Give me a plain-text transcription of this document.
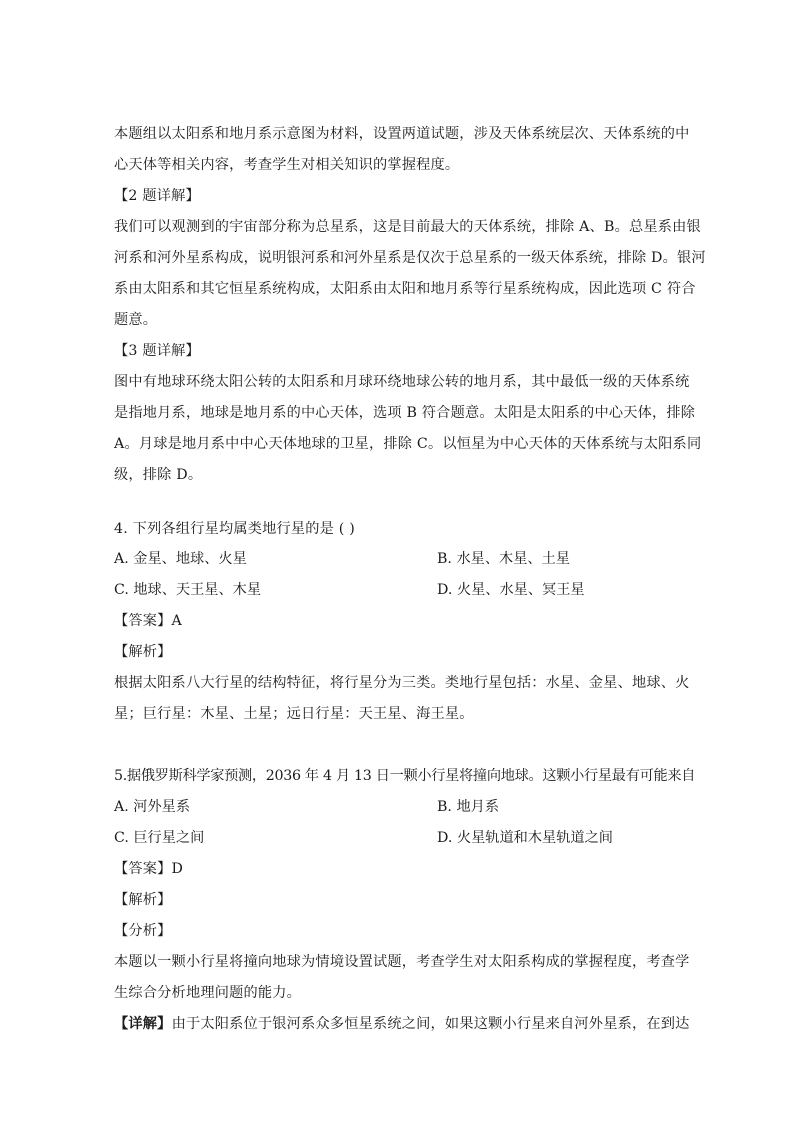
本题组以太阳系和地月系示意图为材料，设置两道试题，涉及天体系统层次、天体系统的中
心天体等相关内容，考查学生对相关知识的掌握程度。
【2 题详解】
我们可以观测到的宇宙部分称为总星系，这是目前最大的天体系统，排除 A、B。总星系由银
河系和河外星系构成，说明银河系和河外星系是仅次于总星系的一级天体系统，排除 D。银河
系由太阳系和其它恒星系统构成，太阳系由太阳和地月系等行星系统构成，因此选项 C 符合
题意。
【3 题详解】
图中有地球环绕太阳公转的太阳系和月球环绕地球公转的地月系，其中最低一级的天体系统
是指地月系，地球是地月系的中心天体，选项 B 符合题意。太阳是太阳系的中心天体，排除
A。月球是地月系中中心天体地球的卫星，排除 C。以恒星为中心天体的天体系统与太阳系同
级，排除 D。
4. 下列各组行星均属类地行星的是 ( )
A. 金星、地球、火星	B. 水星、木星、土星
C. 地球、天王星、木星	D. 火星、水星、冥王星
【答案】A
【解析】
根据太阳系八大行星的结构特征，将行星分为三类。类地行星包括：水星、金星、地球、火
星；巨行星：木星、土星；远日行星：天王星、海王星。
5.据俄罗斯科学家预测，2036 年 4 月 13 日一颗小行星将撞向地球。这颗小行星最有可能来自
A. 河外星系	B. 地月系
C. 巨行星之间	D. 火星轨道和木星轨道之间
【答案】D
【解析】
【分析】
本题以一颗小行星将撞向地球为情境设置试题，考查学生对太阳系构成的掌握程度，考查学
生综合分析地理问题的能力。
【详解】由于太阳系位于银河系众多恒星系统之间，如果这颗小行星来自河外星系，在到达
